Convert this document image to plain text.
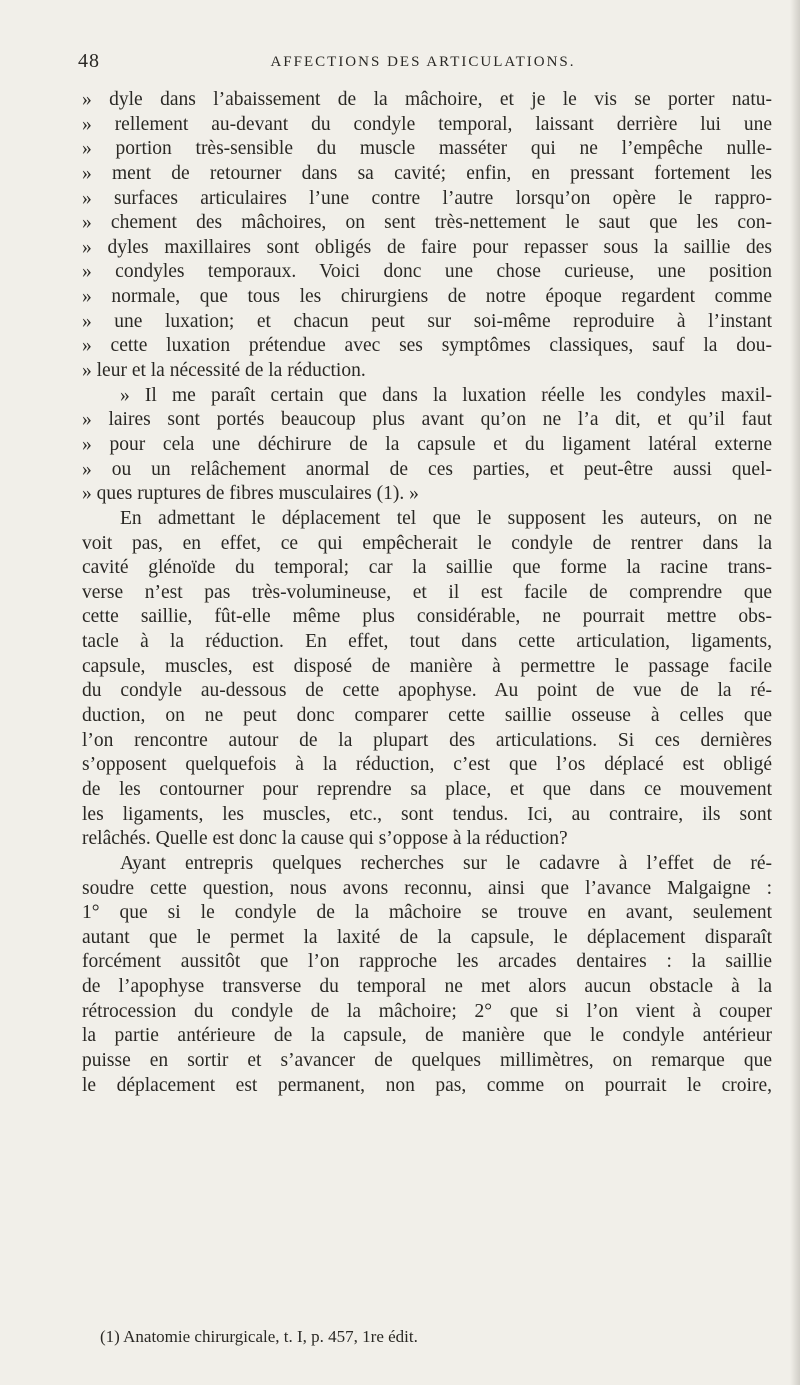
48	AFFECTIONS DES ARTICULATIONS.
» dyle dans l’abaissement de la mâchoire, et je le vis se porter natu-
» rellement au-devant du condyle temporal, laissant derrière lui une
» portion très-sensible du muscle masséter qui ne l’empêche nulle-
» ment de retourner dans sa cavité; enfin, en pressant fortement les
» surfaces articulaires l’une contre l’autre lorsqu’on opère le rappro-
» chement des mâchoires, on sent très-nettement le saut que les con-
» dyles maxillaires sont obligés de faire pour repasser sous la saillie des
» condyles temporaux. Voici donc une chose curieuse, une position
» normale, que tous les chirurgiens de notre époque regardent comme
» une luxation; et chacun peut sur soi-même reproduire à l’instant
» cette luxation prétendue avec ses symptômes classiques, sauf la dou-
» leur et la nécessité de la réduction.
» Il me paraît certain que dans la luxation réelle les condyles maxil-
» laires sont portés beaucoup plus avant qu’on ne l’a dit, et qu’il faut
» pour cela une déchirure de la capsule et du ligament latéral externe
» ou un relâchement anormal de ces parties, et peut-être aussi quel-
» ques ruptures de fibres musculaires (1). »
En admettant le déplacement tel que le supposent les auteurs, on ne
voit pas, en effet, ce qui empêcherait le condyle de rentrer dans la
cavité glénoïde du temporal; car la saillie que forme la racine trans-
verse n’est pas très-volumineuse, et il est facile de comprendre que
cette saillie, fût-elle même plus considérable, ne pourrait mettre obs-
tacle à la réduction. En effet, tout dans cette articulation, ligaments,
capsule, muscles, est disposé de manière à permettre le passage facile
du condyle au-dessous de cette apophyse. Au point de vue de la ré-
duction, on ne peut donc comparer cette saillie osseuse à celles que
l’on rencontre autour de la plupart des articulations. Si ces dernières
s’opposent quelquefois à la réduction, c’est que l’os déplacé est obligé
de les contourner pour reprendre sa place, et que dans ce mouvement
les ligaments, les muscles, etc., sont tendus. Ici, au contraire, ils sont
relâchés. Quelle est donc la cause qui s’oppose à la réduction?
Ayant entrepris quelques recherches sur le cadavre à l’effet de ré-
soudre cette question, nous avons reconnu, ainsi que l’avance Malgaigne :
1° que si le condyle de la mâchoire se trouve en avant, seulement
autant que le permet la laxité de la capsule, le déplacement disparaît
forcément aussitôt que l’on rapproche les arcades dentaires : la saillie
de l’apophyse transverse du temporal ne met alors aucun obstacle à la
rétrocession du condyle de la mâchoire; 2° que si l’on vient à couper
la partie antérieure de la capsule, de manière que le condyle antérieur
puisse en sortir et s’avancer de quelques millimètres, on remarque que
le déplacement est permanent, non pas, comme on pourrait le croire,
(1) Anatomie chirurgicale, t. I, p. 457, 1re édit.
